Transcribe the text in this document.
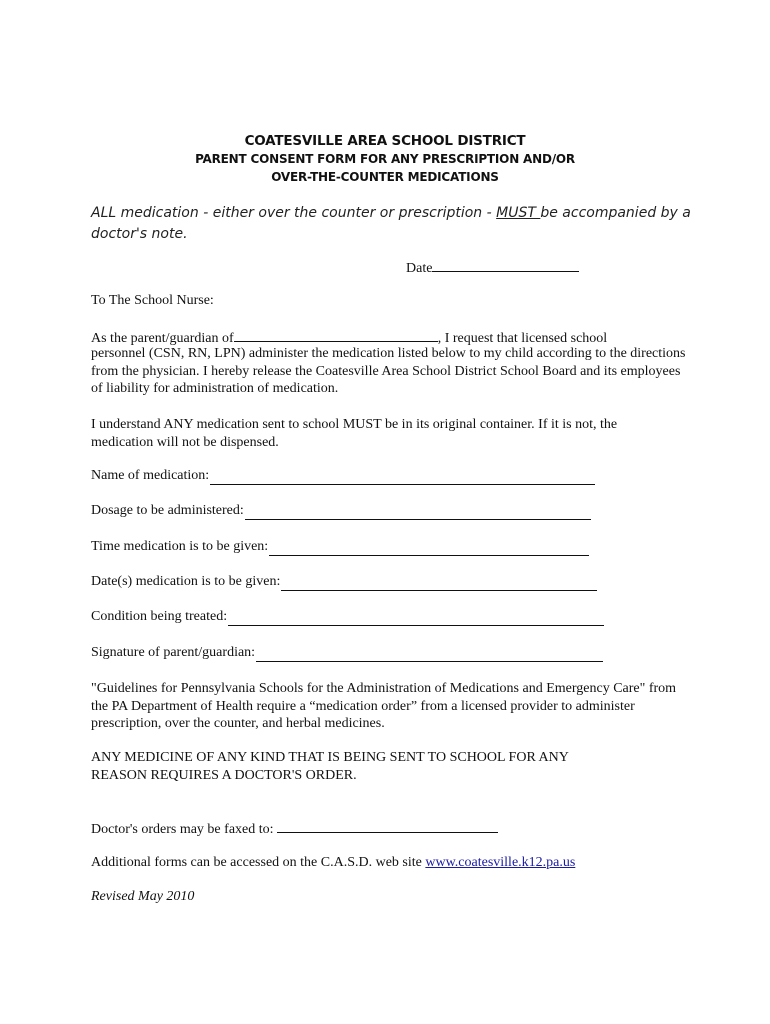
COATESVILLE AREA SCHOOL DISTRICT
PARENT CONSENT FORM FOR ANY PRESCRIPTION AND/OR
OVER-THE-COUNTER MEDICATIONS
ALL medication - either over the counter or prescription - MUST be accompanied by a doctor's note.
Date
To The School Nurse:
As the parent/guardian of	, I request that licensed school
personnel (CSN, RN, LPN) administer the medication listed below to my child according to the directions from the physician. I hereby release the Coatesville Area School District School Board and its employees of liability for administration of medication.
I understand ANY medication sent to school MUST be in its original container. If it is not, the medication will not be dispensed.
Name of medication:
Dosage to be administered:
Time medication is to be given:
Date(s) medication is to be given:
Condition being treated:
Signature of parent/guardian:
"Guidelines for Pennsylvania Schools for the Administration of Medications and Emergency Care" from the PA Department of Health require a “medication order” from a licensed provider to administer prescription, over the counter, and herbal medicines.
ANY MEDICINE OF ANY KIND THAT IS BEING SENT TO SCHOOL FOR ANY REASON REQUIRES A DOCTOR'S ORDER.
Doctor's orders may be faxed to:
Additional forms can be accessed on the C.A.S.D. web site www.coatesville.k12.pa.us
Revised May 2010
